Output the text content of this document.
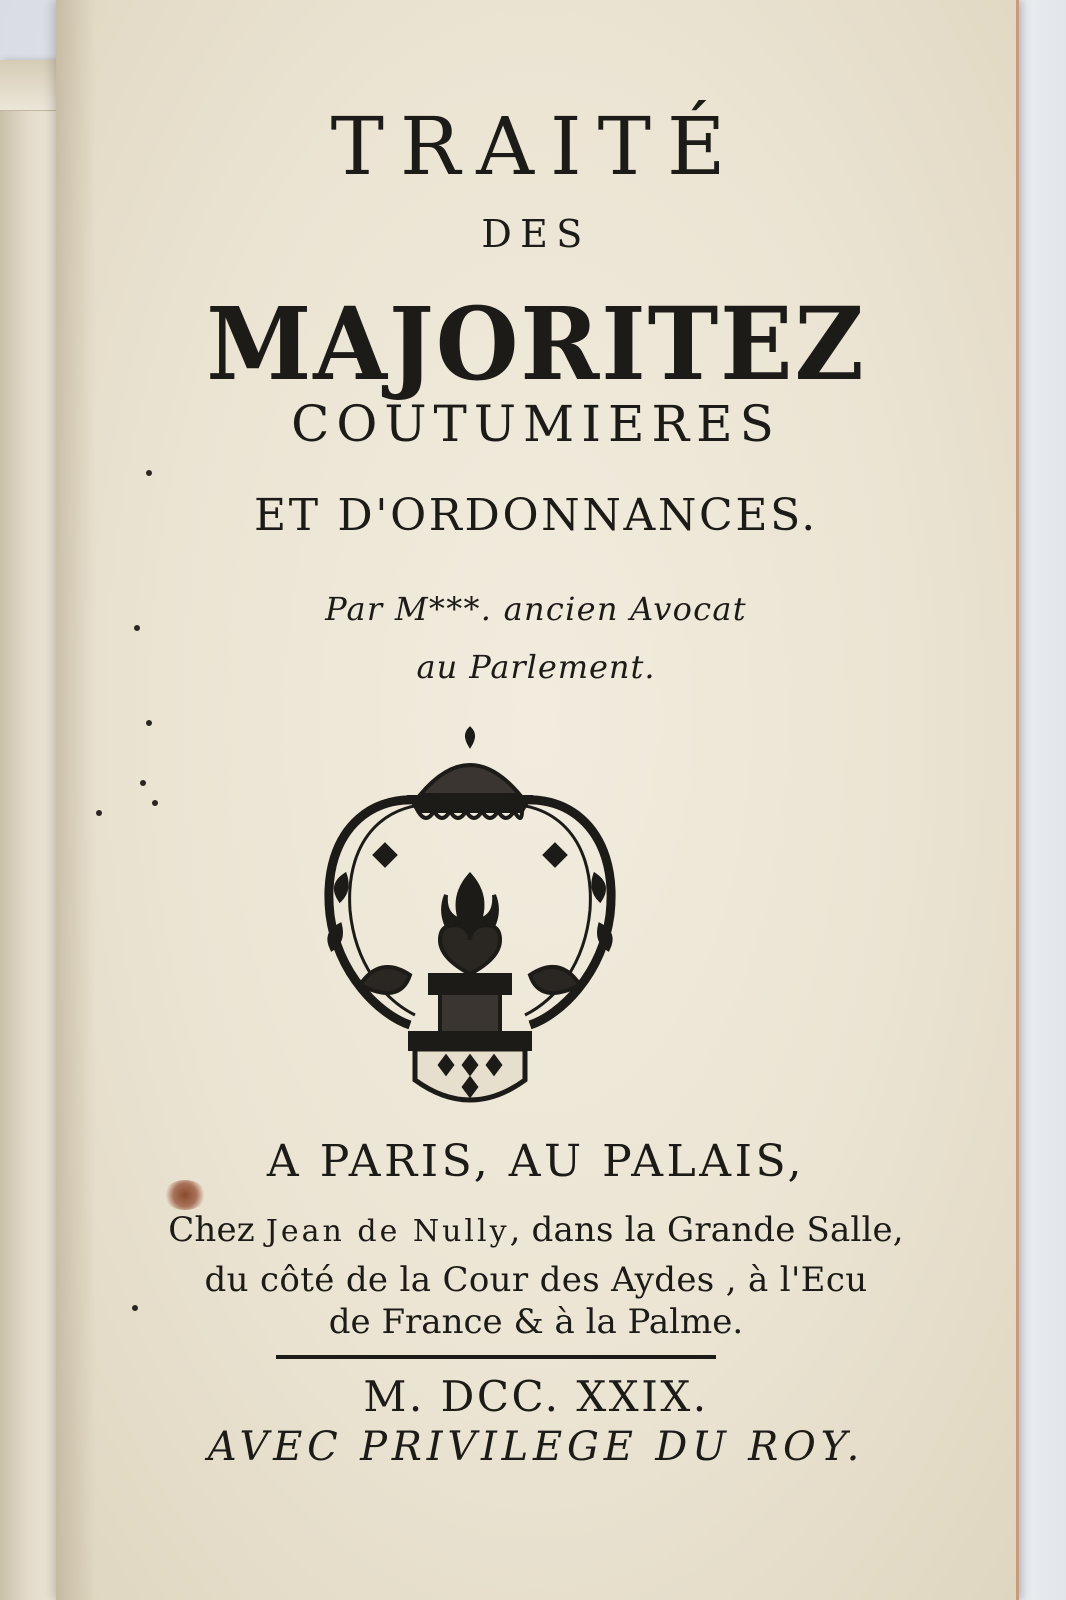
TRAITÉ
DES
MAJORITEZ
COUTUMIERES
ET D'ORDONNANCES.
Par M***. ancien Avocat
au Parlement.
A PARIS, AU PALAIS,
Chez Jean de Nully, dans la Grande Salle,
du côté de la Cour des Aydes , à l'Ecu
de France & à la Palme.
M. DCC. XXIX.
AVEC PRIVILEGE DU ROY.
